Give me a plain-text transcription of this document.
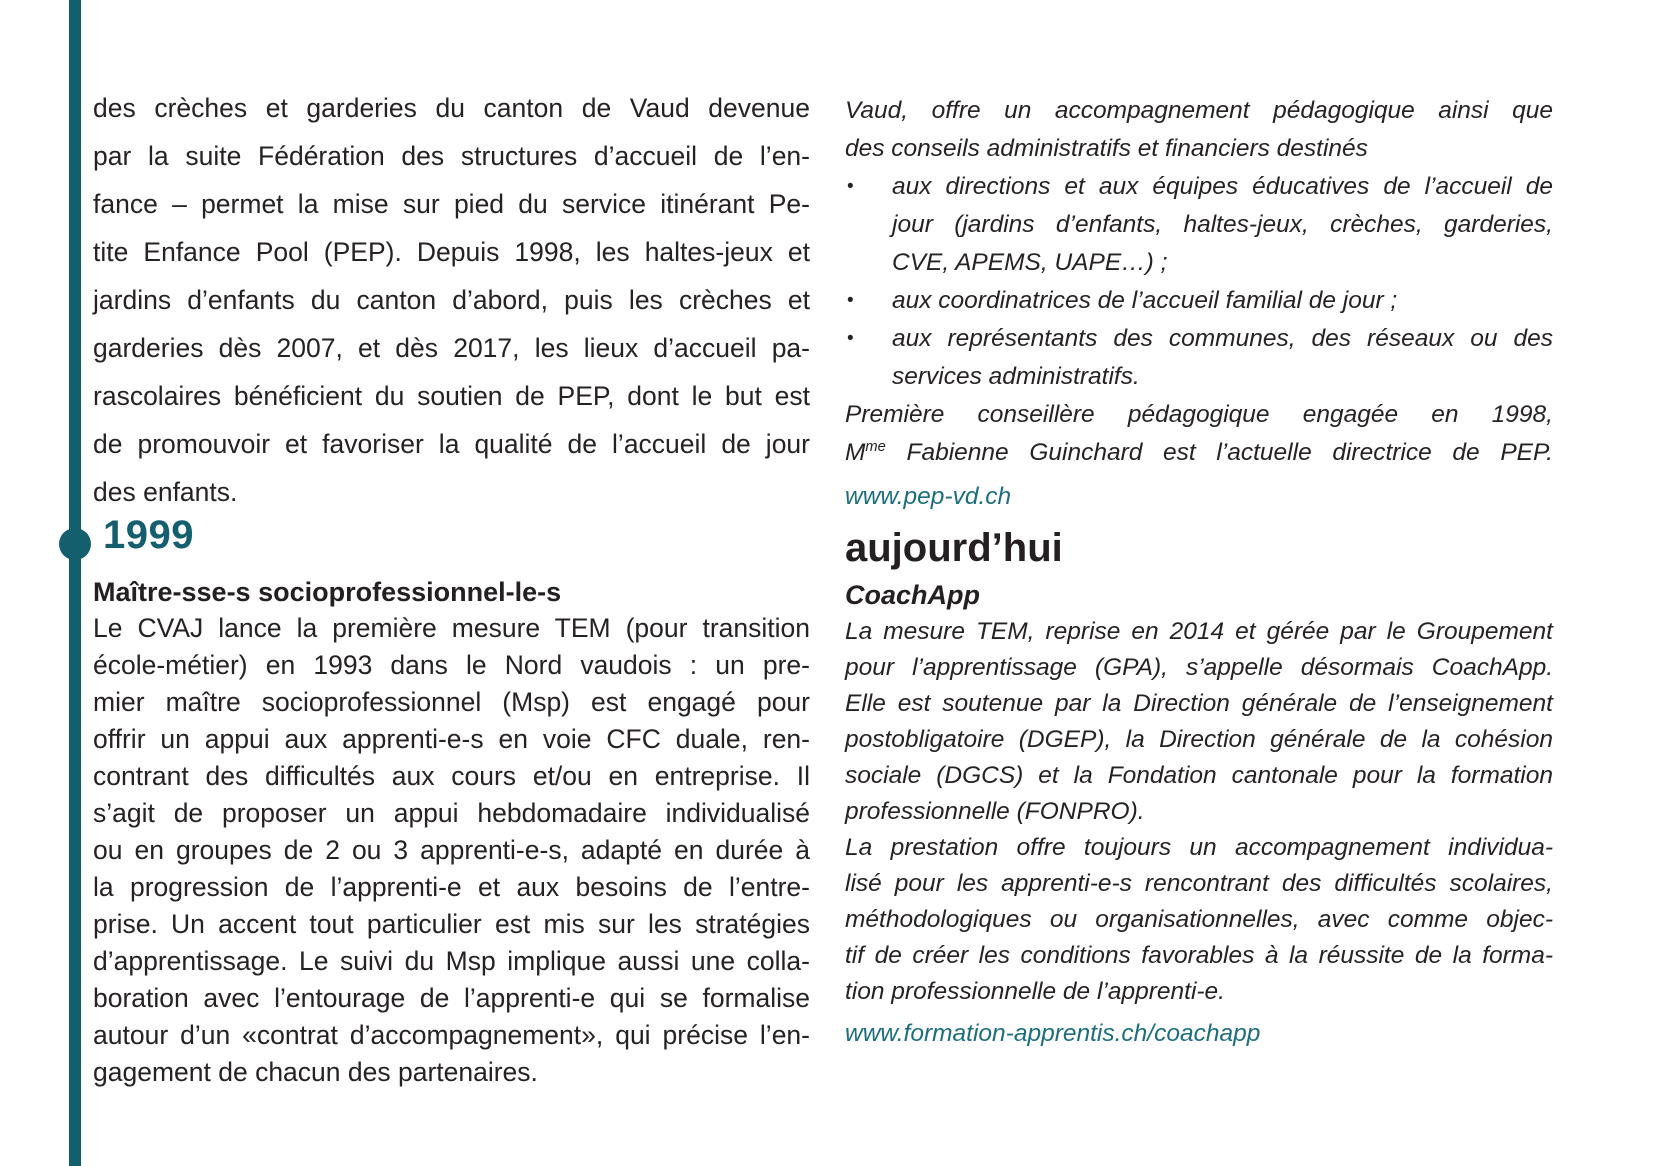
des crèches et garderies du canton de Vaud devenue
par la suite Fédération des structures d’accueil de l’en-
fance – permet la mise sur pied du service itinérant Pe-
tite Enfance Pool (PEP). Depuis 1998, les haltes-jeux et
jardins d’enfants du canton d’abord, puis les crèches et
garderies dès 2007, et dès 2017, les lieux d’accueil pa-
rascolaires bénéficient du soutien de PEP, dont le but est
de promouvoir et favoriser la qualité de l’accueil de jour
des enfants.
1999
Maître-sse-s socioprofessionnel-le-s
Le CVAJ lance la première mesure TEM (pour transition
école-métier) en 1993 dans le Nord vaudois : un pre-
mier maître socioprofessionnel (Msp) est engagé pour
offrir un appui aux apprenti-e-s en voie CFC duale, ren-
contrant des difficultés aux cours et/ou en entreprise. Il
s’agit de proposer un appui hebdomadaire individualisé
ou en groupes de 2 ou 3 apprenti-e-s, adapté en durée à
la progression de l’apprenti-e et aux besoins de l’entre-
prise. Un accent tout particulier est mis sur les stratégies
d’apprentissage. Le suivi du Msp implique aussi une colla-
boration avec l’entourage de l’apprenti-e qui se formalise
autour d’un «contrat d’accompagnement», qui précise l’en-
gagement de chacun des partenaires.
Vaud, offre un accompagnement pédagogique ainsi que
des conseils administratifs et financiers destinés
• aux directions et aux équipes éducatives de l’accueil de
jour (jardins d’enfants, haltes-jeux, crèches, garderies,
CVE, APEMS, UAPE…) ;
• aux coordinatrices de l’accueil familial de jour ;
• aux représentants des communes, des réseaux ou des
services administratifs.
Première conseillère pédagogique engagée en 1998,
$M^{me}$ Fabienne Guinchard est l’actuelle directrice de PEP.
www.pep-vd.ch
aujourd’hui
CoachApp
La mesure TEM, reprise en 2014 et gérée par le Groupement
pour l’apprentissage (GPA), s’appelle désormais CoachApp.
Elle est soutenue par la Direction générale de l’enseignement
postobligatoire (DGEP), la Direction générale de la cohésion
sociale (DGCS) et la Fondation cantonale pour la formation
professionnelle (FONPRO).
La prestation offre toujours un accompagnement individua-
lisé pour les apprenti-e-s rencontrant des difficultés scolaires,
méthodologiques ou organisationnelles, avec comme objec-
tif de créer les conditions favorables à la réussite de la forma-
tion professionnelle de l’apprenti-e.
www.formation-apprentis.ch/coachapp
